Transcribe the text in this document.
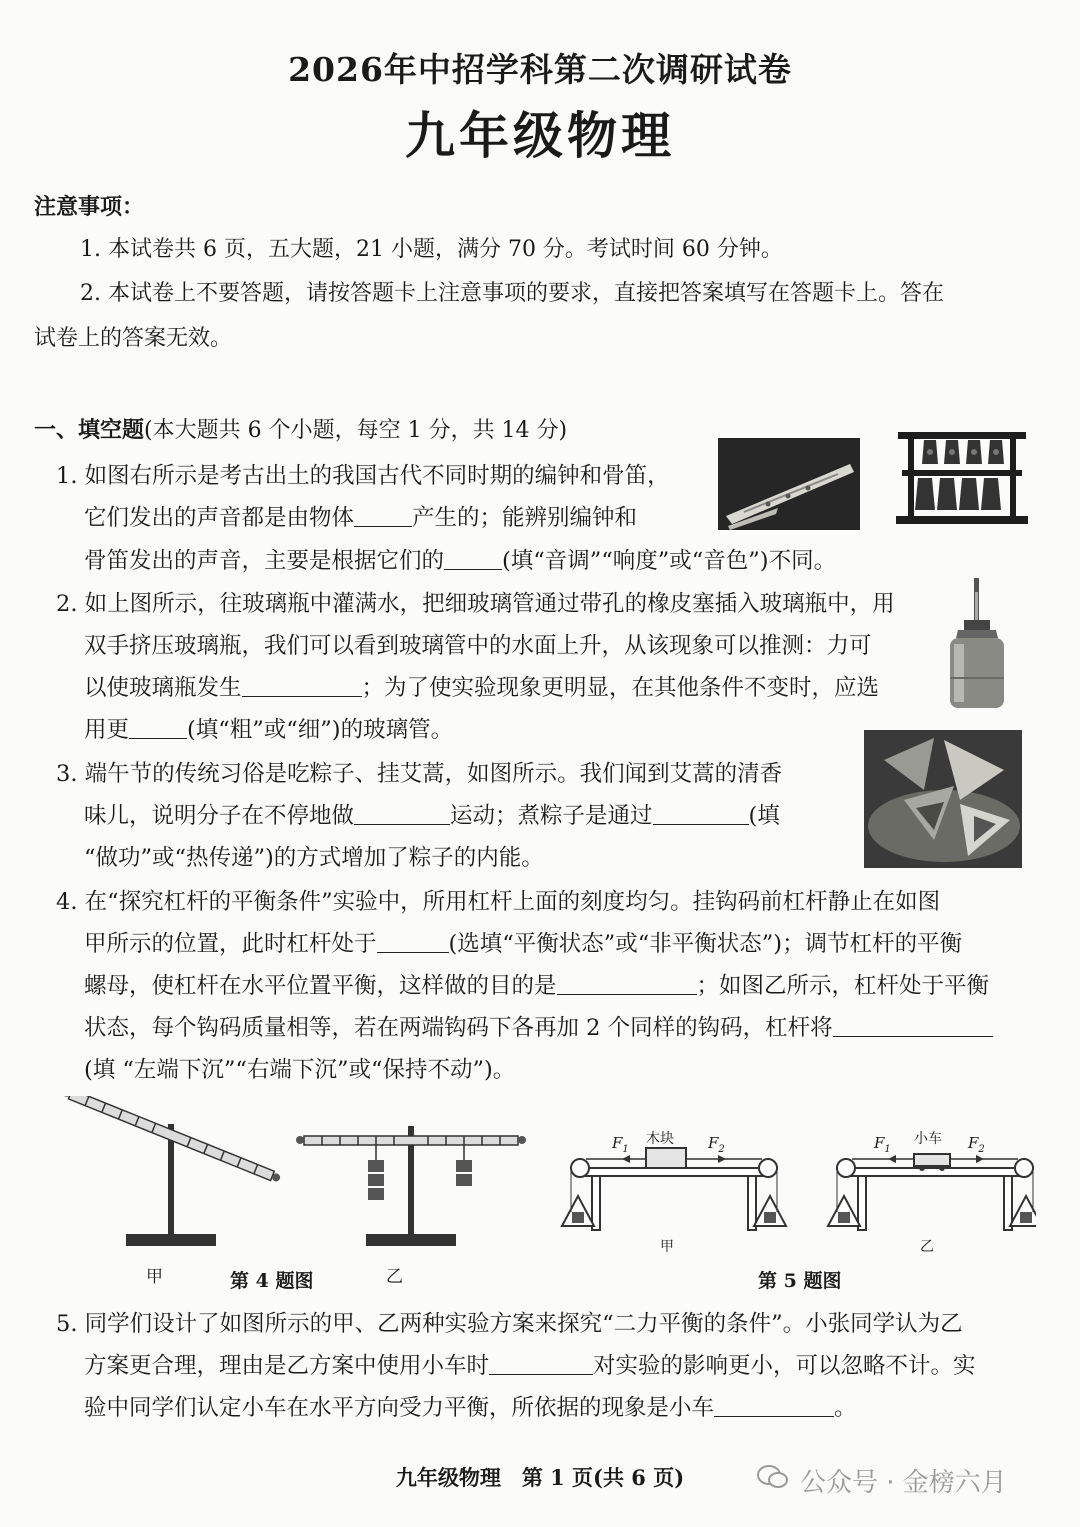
2026年中招学科第二次调研试卷
九年级物理
注意事项：
1. 本试卷共 6 页，五大题，21 小题，满分 70 分。考试时间 60 分钟。
2. 本试卷上不要答题，请按答题卡上注意事项的要求，直接把答案填写在答题卡上。答在
试卷上的答案无效。
一、填空题(本大题共 6 个小题，每空 1 分，共 14 分)
1. 如图右所示是考古出土的我国古代不同时期的编钟和骨笛，
它们发出的声音都是由物体	产生的；能辨别编钟和
骨笛发出的声音，主要是根据它们的	(填“音调”“响度”或“音色”)不同。
2. 如上图所示，往玻璃瓶中灌满水，把细玻璃管通过带孔的橡皮塞插入玻璃瓶中，用
双手挤压玻璃瓶，我们可以看到玻璃管中的水面上升，从该现象可以推测：力可
以使玻璃瓶发生	；为了使实验现象更明显，在其他条件不变时，应选
用更	(填“粗”或“细”)的玻璃管。
3. 端午节的传统习俗是吃粽子、挂艾蒿，如图所示。我们闻到艾蒿的清香
味儿，说明分子在不停地做	运动；煮粽子是通过	(填
“做功”或“热传递”)的方式增加了粽子的内能。
4. 在“探究杠杆的平衡条件”实验中，所用杠杆上面的刻度均匀。挂钩码前杠杆静止在如图
甲所示的位置，此时杠杆处于	(选填“平衡状态”或“非平衡状态”)；调节杠杆的平衡
螺母，使杠杆在水平位置平衡，这样做的目的是	；如图乙所示，杠杆处于平衡
状态，每个钩码质量相等，若在两端钩码下各再加 2 个同样的钩码，杠杆将
(填 “左端下沉”“右端下沉”或“保持不动”)。
木块	小车
$F_1$	$F_2$	$F_1$	$F_2$
甲	第 4 题图	乙
甲	乙
第 5 题图
5. 同学们设计了如图所示的甲、乙两种实验方案来探究“二力平衡的条件”。小张同学认为乙
方案更合理，理由是乙方案中使用小车时	对实验的影响更小，可以忽略不计。实
验中同学们认定小车在水平方向受力平衡，所依据的现象是小车	。
九年级物理　第 1 页(共 6 页)	公众号 · 金榜六月
